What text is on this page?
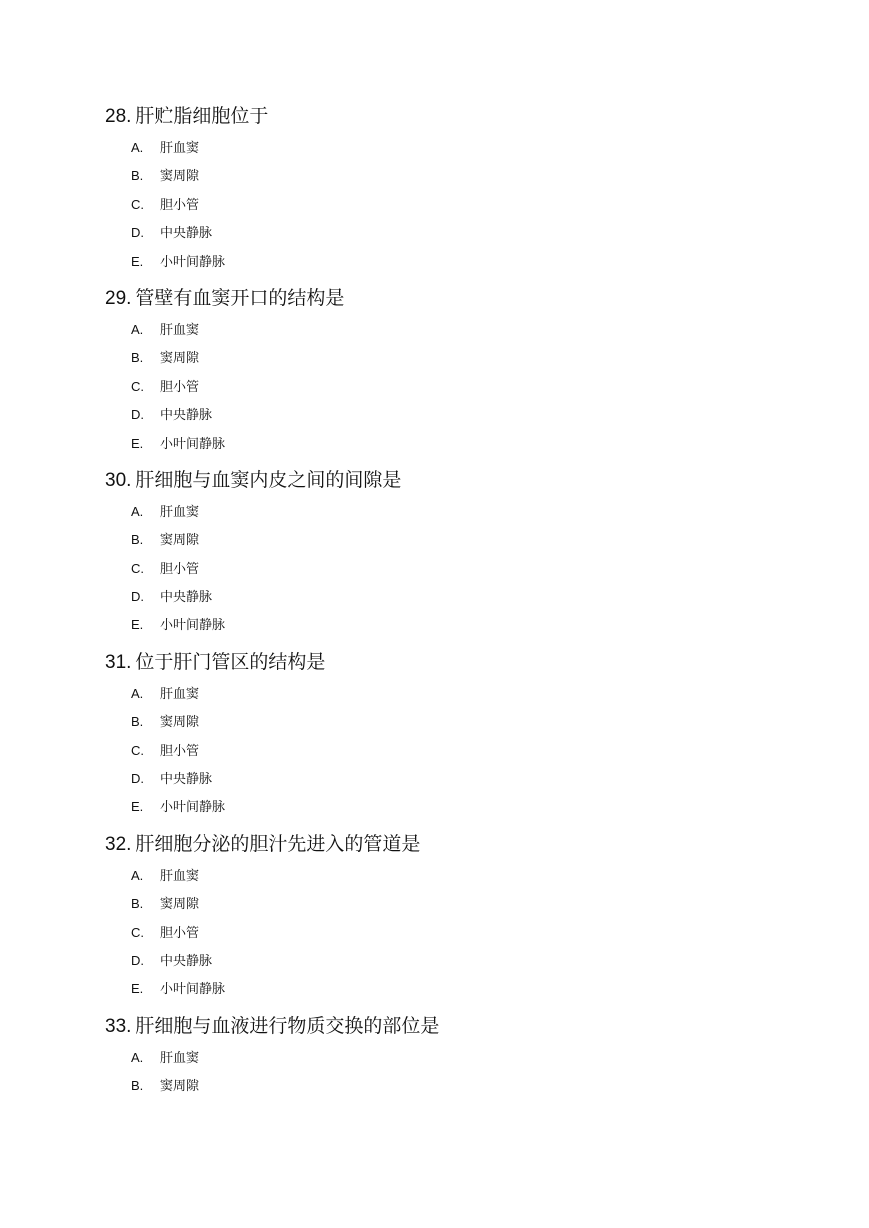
28. 肝贮脂细胞位于
A. 肝血窦
B. 窦周隙
C. 胆小管
D. 中央静脉
E. 小叶间静脉
29. 管壁有血窦开口的结构是
A. 肝血窦
B. 窦周隙
C. 胆小管
D. 中央静脉
E. 小叶间静脉
30. 肝细胞与血窦内皮之间的间隙是
A. 肝血窦
B. 窦周隙
C. 胆小管
D. 中央静脉
E. 小叶间静脉
31. 位于肝门管区的结构是
A. 肝血窦
B. 窦周隙
C. 胆小管
D. 中央静脉
E. 小叶间静脉
32. 肝细胞分泌的胆汁先进入的管道是
A. 肝血窦
B. 窦周隙
C. 胆小管
D. 中央静脉
E. 小叶间静脉
33. 肝细胞与血液进行物质交换的部位是
A. 肝血窦
B. 窦周隙
